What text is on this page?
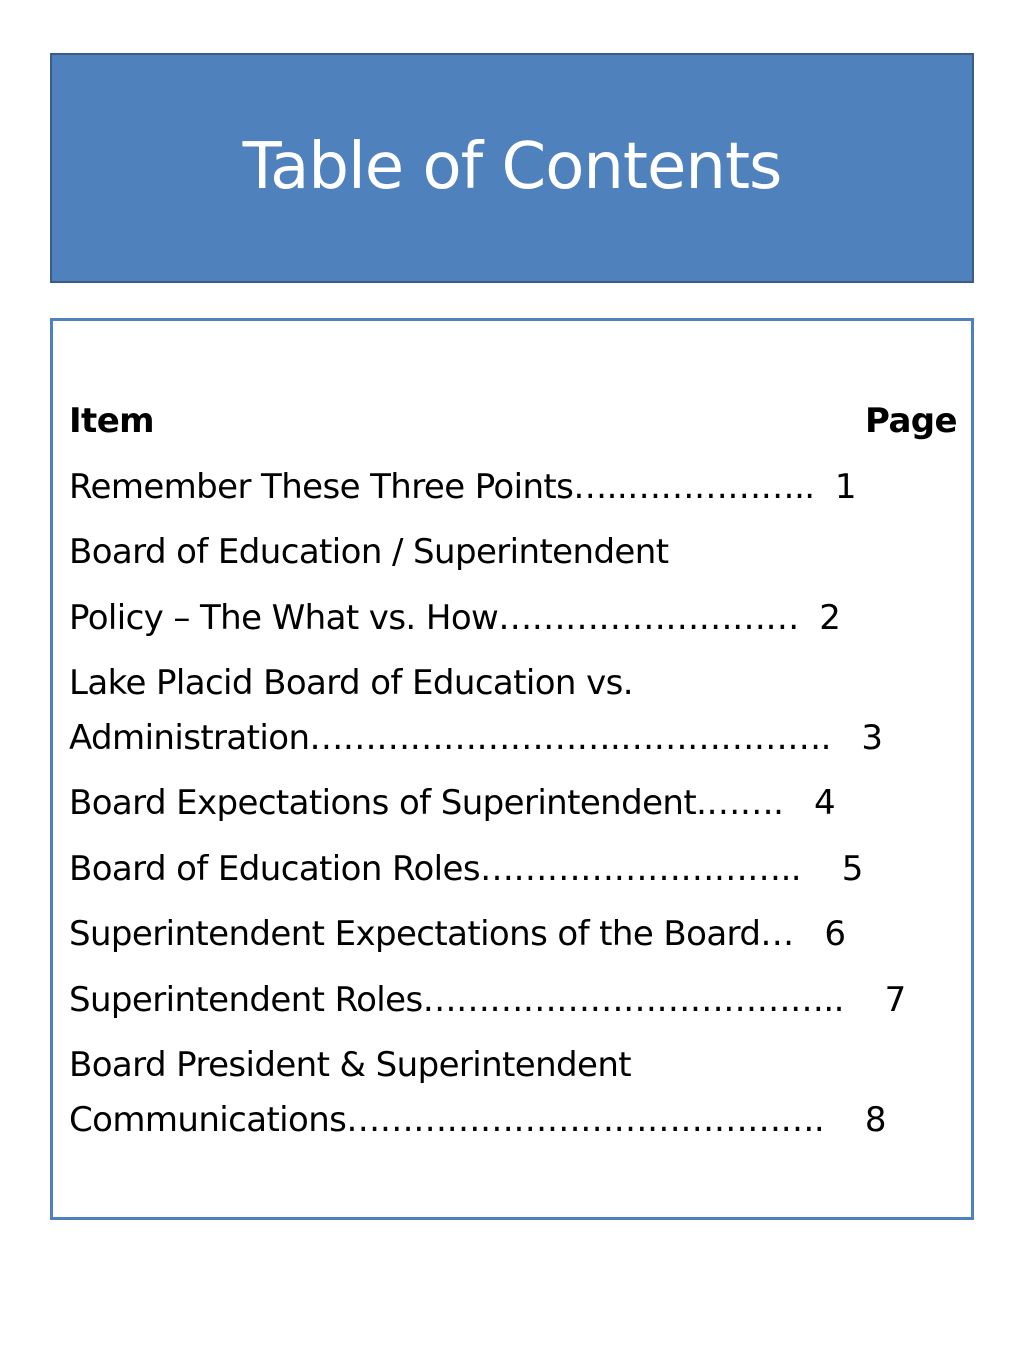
Table of Contents
Item	Page
Remember These Three Points…..……………..  1
Board of Education / Superintendent
Policy – The What vs. How………………………  2
Lake Placid Board of Education vs.
Administration……………………….……………….   3
Board Expectations of Superintendent.…….   4
Board of Education Roles………………………..    5
Superintendent Expectations of the Board…   6
Superintendent Roles………………………………..    7
Board President & Superintendent
Communications…………………………………….    8
